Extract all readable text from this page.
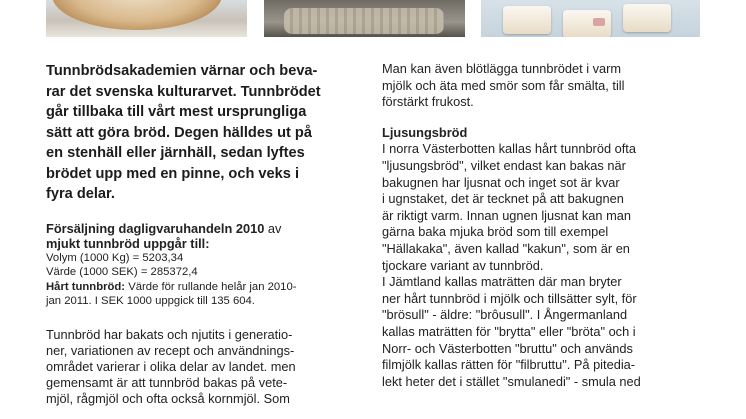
Tunnbrödsakademien värnar och beva-
rar det svenska kulturarvet. Tunnbrödet
går tillbaka till vårt mest ursprungliga
sätt att göra bröd. Degen hälldes ut på
en stenhäll eller järnhäll, sedan lyftes
brödet upp med en pinne, och veks i
fyra delar.

Försäljning dagligvaruhandeln 2010 av
mjukt tunnbröd uppgår till:
Volym (1000 Kg) = 5203,34
Värde (1000 SEK) = 285372,4
Hårt tunnbröd: Värde för rullande helår jan 2010-
jan 2011. I SEK 1000 uppgick till 135 604.
Tunnbröd har bakats och njutits i generatio-
ner, variationen av recept och användnings-
området varierar i olika delar av landet. men
gemensamt är att tunnbröd bakas på vete-
mjöl, rågmjöl och ofta också kornmjöl. Som
Man kan även blötlägga tunnbrödet i varm
mjölk och äta med smör som får smälta, till
förstärkt frukost.
Ljusungsbröd
I norra Västerbotten kallas hårt tunnbröd ofta
"ljusungsbröd", vilket endast kan bakas när
bakugnen har ljusnat och inget sot är kvar
i ugnstaket, det är tecknet på att bakugnen
är riktigt varm. Innan ugnen ljusnat kan man
gärna baka mjuka bröd som till exempel
"Hällakaka", även kallad "kakun", som är en
tjockare variant av tunnbröd.
I Jämtland kallas maträtten där man bryter
ner hårt tunnbröd i mjölk och tillsätter sylt, för
"brösull" - äldre: "brôusull". I Ångermanland
kallas maträtten för "brytta" eller "bröta" och i
Norr- och Västerbotten "bruttu" och används
filmjölk kallas rätten för "filbruttu". På pitedia-
lekt heter det i stället "smulanedi" - smula ned
